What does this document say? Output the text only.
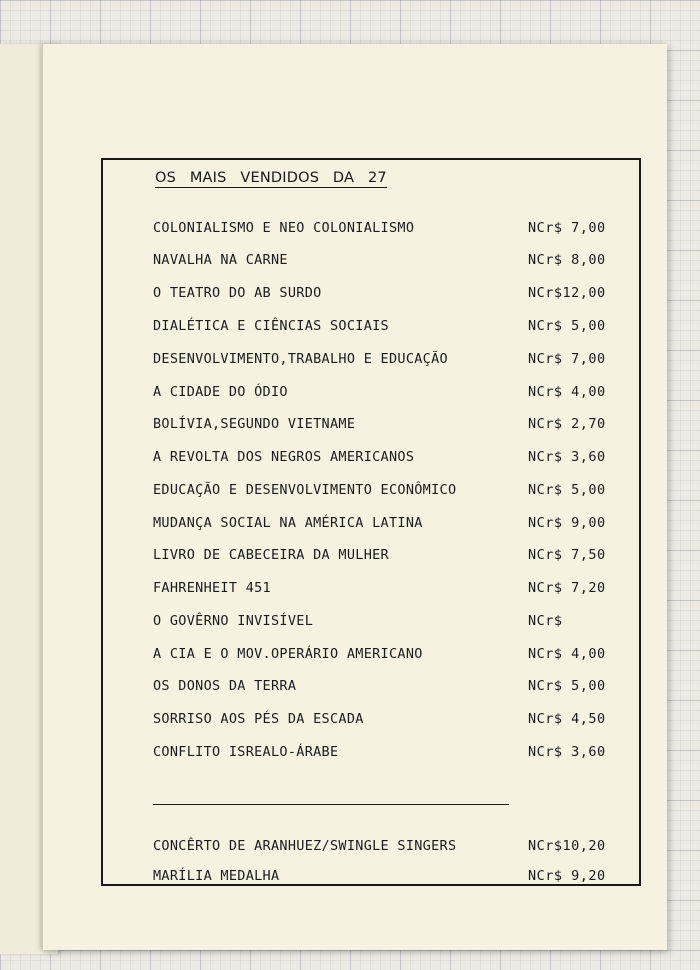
OS MAIS VENDIDOS DA 27
COLONIALISMO E NEO COLONIALISMO	NCr$ 7,00
NAVALHA NA CARNE	NCr$ 8,00
O TEATRO DO AB SURDO	NCr$12,00
DIALÉTICA E CIÊNCIAS SOCIAIS	NCr$ 5,00
DESENVOLVIMENTO,TRABALHO E EDUCAÇÃO	NCr$ 7,00
A CIDADE DO ÓDIO	NCr$ 4,00
BOLÍVIA,SEGUNDO VIETNAME	NCr$ 2,70
A REVOLTA DOS NEGROS AMERICANOS	NCr$ 3,60
EDUCAÇÃO E DESENVOLVIMENTO ECONÔMICO	NCr$ 5,00
MUDANÇA SOCIAL NA AMÉRICA LATINA	NCr$ 9,00
LIVRO DE CABECEIRA DA MULHER	NCr$ 7,50
FAHRENHEIT 451	NCr$ 7,20
O GOVÊRNO INVISÍVEL	NCr$
A CIA E O MOV.OPERÁRIO AMERICANO	NCr$ 4,00
OS DONOS DA TERRA	NCr$ 5,00
SORRISO AOS PÉS DA ESCADA	NCr$ 4,50
CONFLITO ISREALO-ÁRABE	NCr$ 3,60
CONCÊRTO DE ARANHUEZ/SWINGLE SINGERS	NCr$10,20
MARÍLIA MEDALHA	NCr$ 9,20
